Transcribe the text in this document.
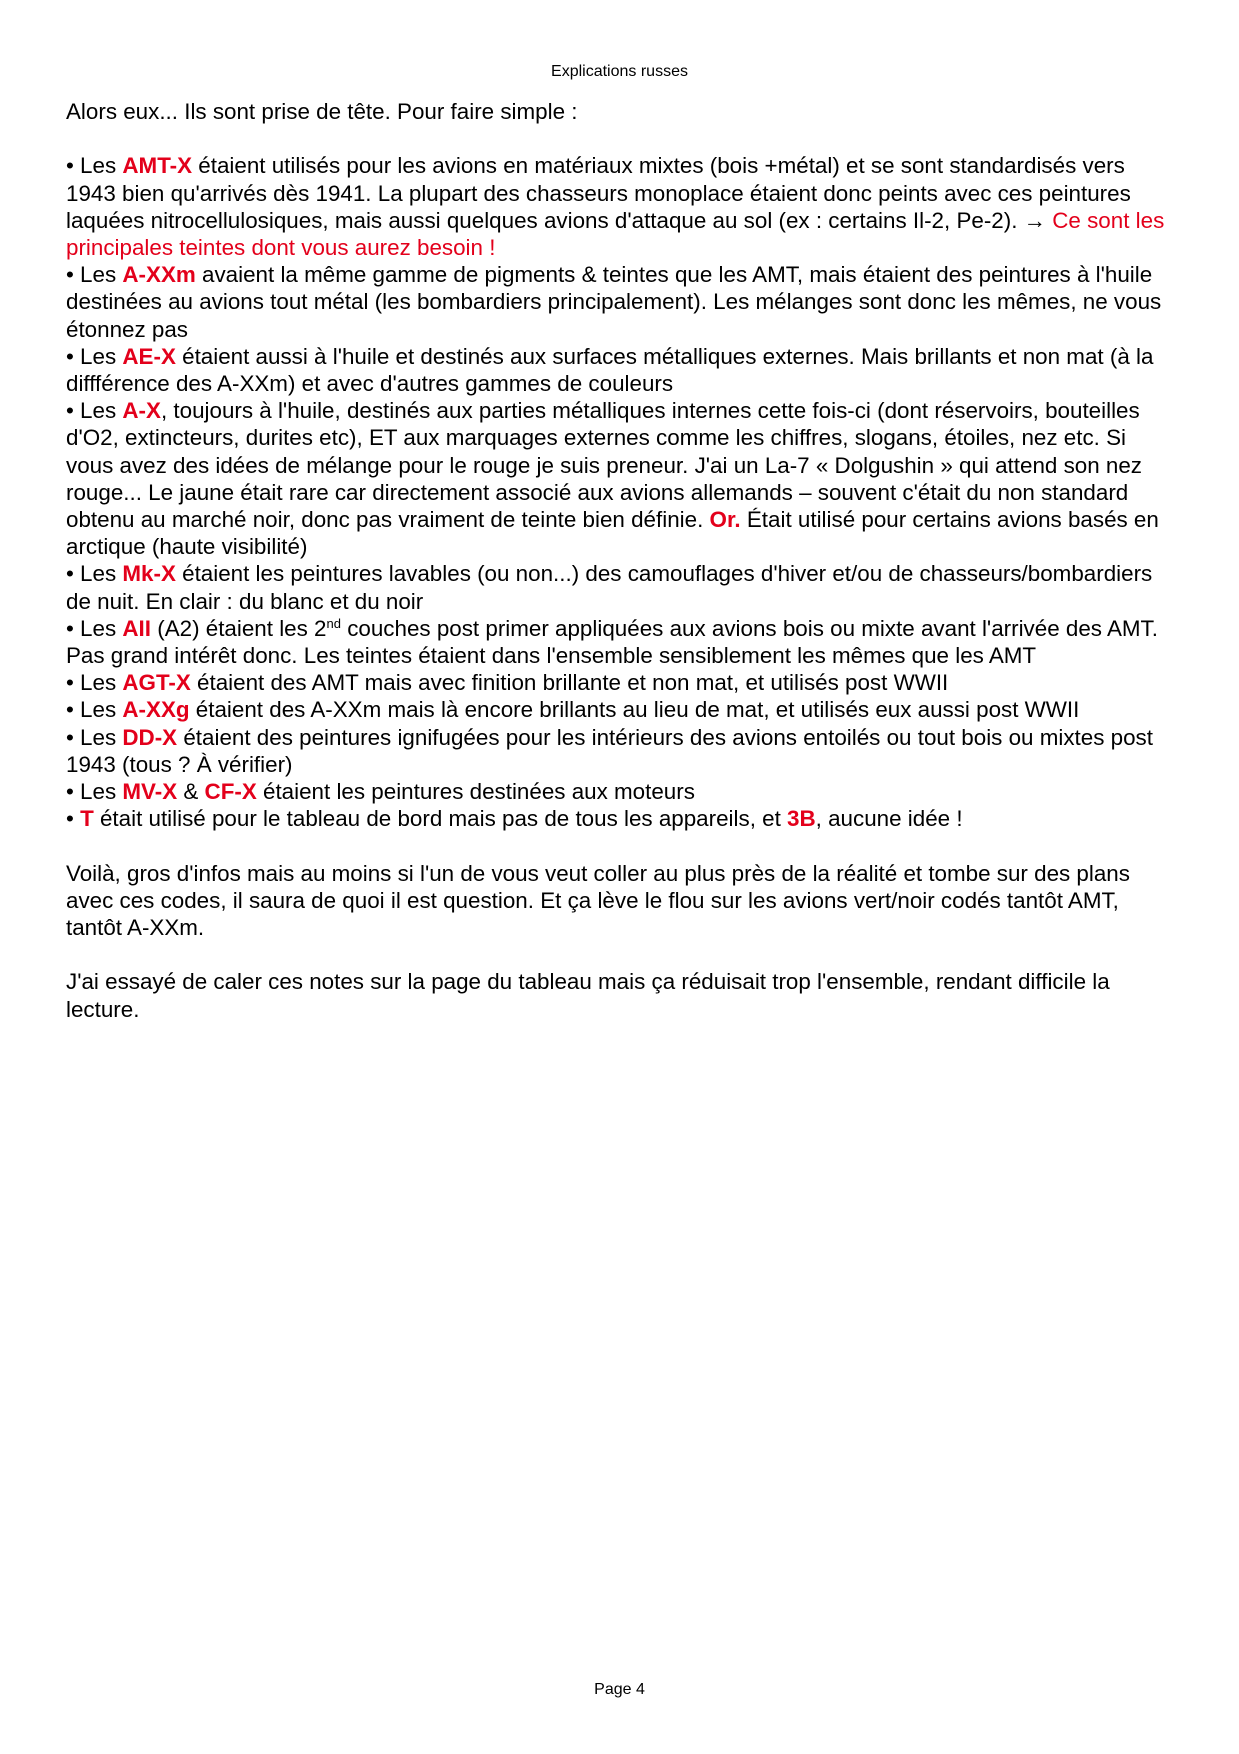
Explications russes

Alors eux... Ils sont prise de tête. Pour faire simple :

• Les AMT-X étaient utilisés pour les avions en matériaux mixtes (bois +métal) et se sont standardisés vers 1943 bien qu'arrivés dès 1941. La plupart des chasseurs monoplace étaient donc peints avec ces peintures laquées nitrocellulosiques, mais aussi quelques avions d'attaque au sol (ex : certains Il-2, Pe-2). → Ce sont les principales teintes dont vous aurez besoin !

• Les A-XXm avaient la même gamme de pigments & teintes que les AMT, mais étaient des peintures à l'huile destinées au avions tout métal (les bombardiers principalement). Les mélanges sont donc les mêmes, ne vous étonnez pas

• Les AE-X étaient aussi à l'huile et destinés aux surfaces métalliques externes. Mais brillants et non mat (à la diffférence des A-XXm) et avec d'autres gammes de couleurs

• Les A-X, toujours à l'huile, destinés aux parties métalliques internes cette fois-ci (dont réservoirs, bouteilles d'O2, extincteurs, durites etc), ET aux marquages externes comme les chiffres, slogans, étoiles, nez etc. Si vous avez des idées de mélange pour le rouge je suis preneur. J'ai un La-7 « Dolgushin » qui attend son nez rouge... Le jaune était rare car directement associé aux avions allemands – souvent c'était du non standard obtenu au marché noir, donc pas vraiment de teinte bien définie. Or. Était utilisé pour certains avions basés en arctique (haute visibilité)

• Les Mk-X étaient les peintures lavables (ou non...) des camouflages d'hiver et/ou de chasseurs/bombardiers de nuit. En clair : du blanc et du noir

• Les AII (A2) étaient les 2nd couches post primer appliquées aux avions bois ou mixte avant l'arrivée des AMT. Pas grand intérêt donc. Les teintes étaient dans l'ensemble sensiblement les mêmes que les AMT

• Les AGT-X étaient des AMT mais avec finition brillante et non mat, et utilisés post WWII

• Les A-XXg étaient des A-XXm mais là encore brillants au lieu de mat, et utilisés eux aussi post WWII

• Les DD-X étaient des peintures ignifugées pour les intérieurs des avions entoilés ou tout bois ou mixtes post 1943 (tous ? À vérifier)

• Les MV-X & CF-X étaient les peintures destinées aux moteurs

• T était utilisé pour le tableau de bord mais pas de tous les appareils, et 3B, aucune idée !

Voilà, gros d'infos mais au moins si l'un de vous veut coller au plus près de la réalité et tombe sur des plans avec ces codes, il saura de quoi il est question. Et ça lève le flou sur les avions vert/noir codés tantôt AMT, tantôt A-XXm.

J'ai essayé de caler ces notes sur la page du tableau mais ça réduisait trop l'ensemble, rendant difficile la lecture.

Page 4
